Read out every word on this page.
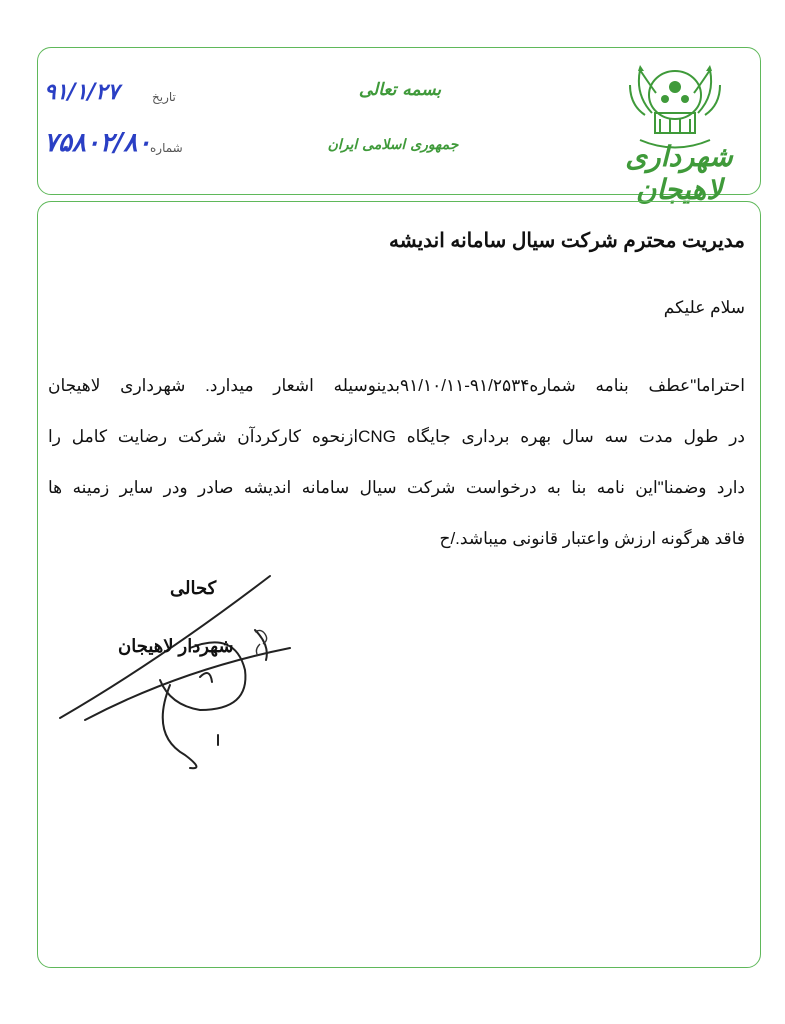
شهرداری لاهیجان
بسمه تعالی
جمهوری اسلامی ایران
تاریخ
۹۱/۱/۲۷
شماره
۷۵۸۰۲/۸۰
مدیریت محترم شرکت سیال سامانه اندیشه
سلام علیکم
احتراما"عطف بنامه شماره۹۱/۲۵۳۴-۹۱/۱۰/۱۱بدینوسیله اشعار میدارد. شهرداری لاهیجان
در طول مدت سه سال بهره برداری جایگاه CNGازنحوه کارکردآن شرکت رضایت کامل را
دارد وضمنا"این نامه بنا به درخواست شرکت سیال سامانه اندیشه صادر ودر سایر زمینه ها
فاقد هرگونه ارزش واعتبار قانونی میباشد./ح
کحالی
شهردار لاهیجان
